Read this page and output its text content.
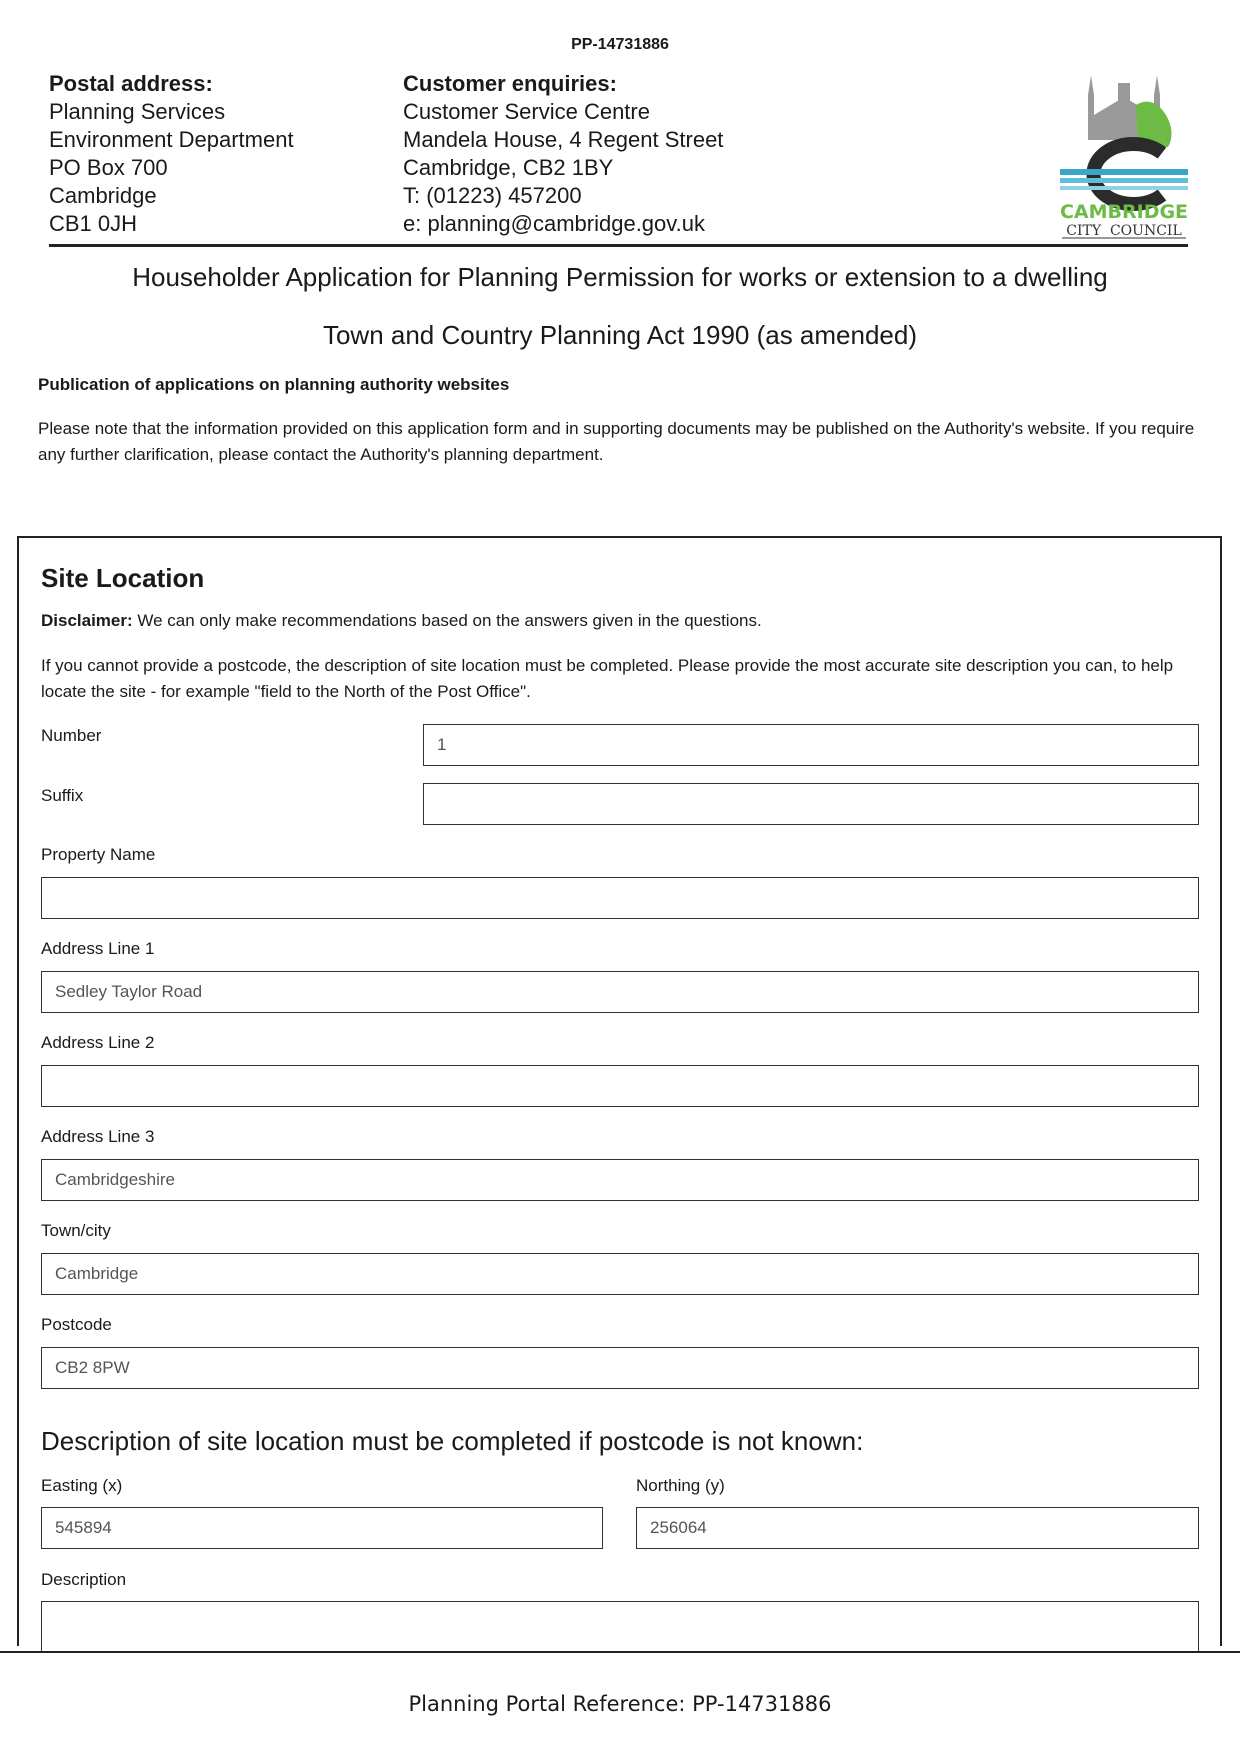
PP-14731886
Postal address:
Planning Services
Environment Department
PO Box 700
Cambridge
CB1 0JH
Customer enquiries:
Customer Service Centre
Mandela House, 4 Regent Street
Cambridge, CB2 1BY
T: (01223) 457200
e: planning@cambridge.gov.uk	CAMBRIDGE
CITY  COUNCIL
Householder Application for Planning Permission for works or extension to a dwelling
Town and Country Planning Act 1990 (as amended)
Publication of applications on planning authority websites
Please note that the information provided on this application form and in supporting documents may be published on the Authority's website. If you require any further clarification, please contact the Authority's planning department.
Site Location
Disclaimer: We can only make recommendations based on the answers given in the questions.
If you cannot provide a postcode, the description of site location must be completed. Please provide the most accurate site description you can, to help locate the site - for example "field to the North of the Post Office".
Number	1
Suffix
Property Name
Address Line 1
Sedley Taylor Road
Address Line 2
Address Line 3
Cambridgeshire
Town/city
Cambridge
Postcode
CB2 8PW
Description of site location must be completed if postcode is not known:
Easting (x)
545894
Northing (y)
256064
Description
Planning Portal Reference: PP-14731886
